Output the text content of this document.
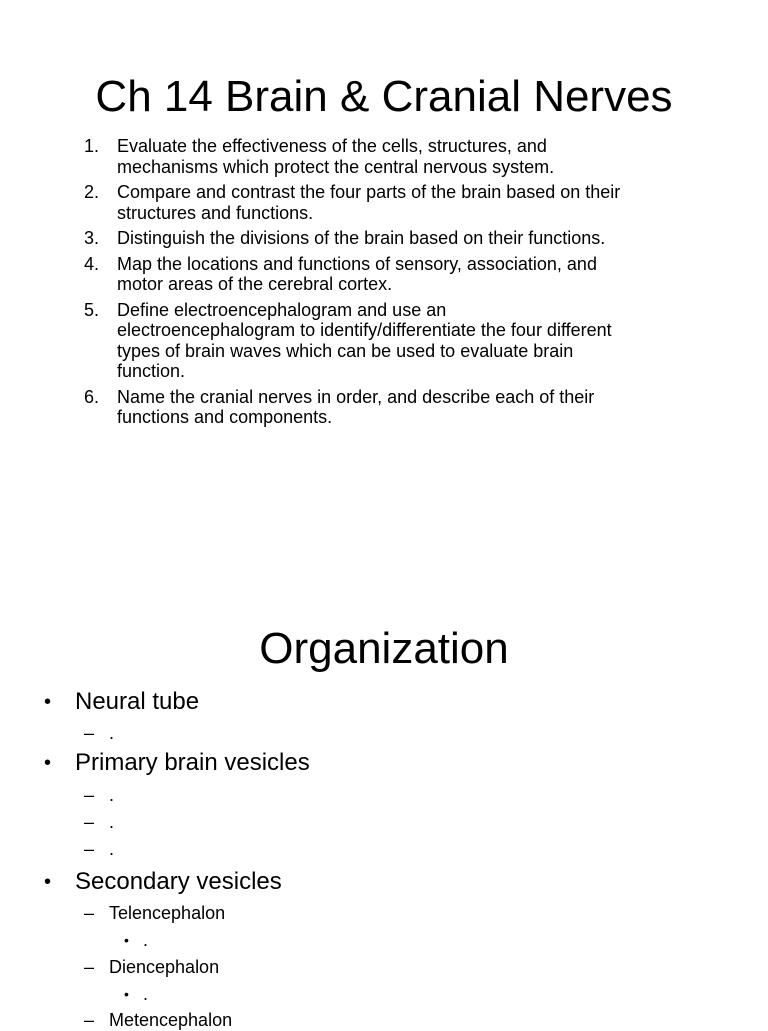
Ch 14 Brain & Cranial Nerves
1. Evaluate the effectiveness of the cells, structures, and mechanisms which protect the central nervous system.
2. Compare and contrast the four parts of the brain based on their structures and functions.
3. Distinguish the divisions of the brain based on their functions.
4. Map the locations and functions of sensory, association, and motor areas of the cerebral cortex.
5. Define electroencephalogram and use an electroencephalogram to identify/differentiate the four different types of brain waves which can be used to evaluate brain function.
6. Name the cranial nerves in order, and describe each of their functions and components.
Organization
• Neural tube
– .
• Primary brain vesicles
– .
– .
– .
• Secondary vesicles
– Telencephalon
• .
– Diencephalon
• .
– Metencephalon
